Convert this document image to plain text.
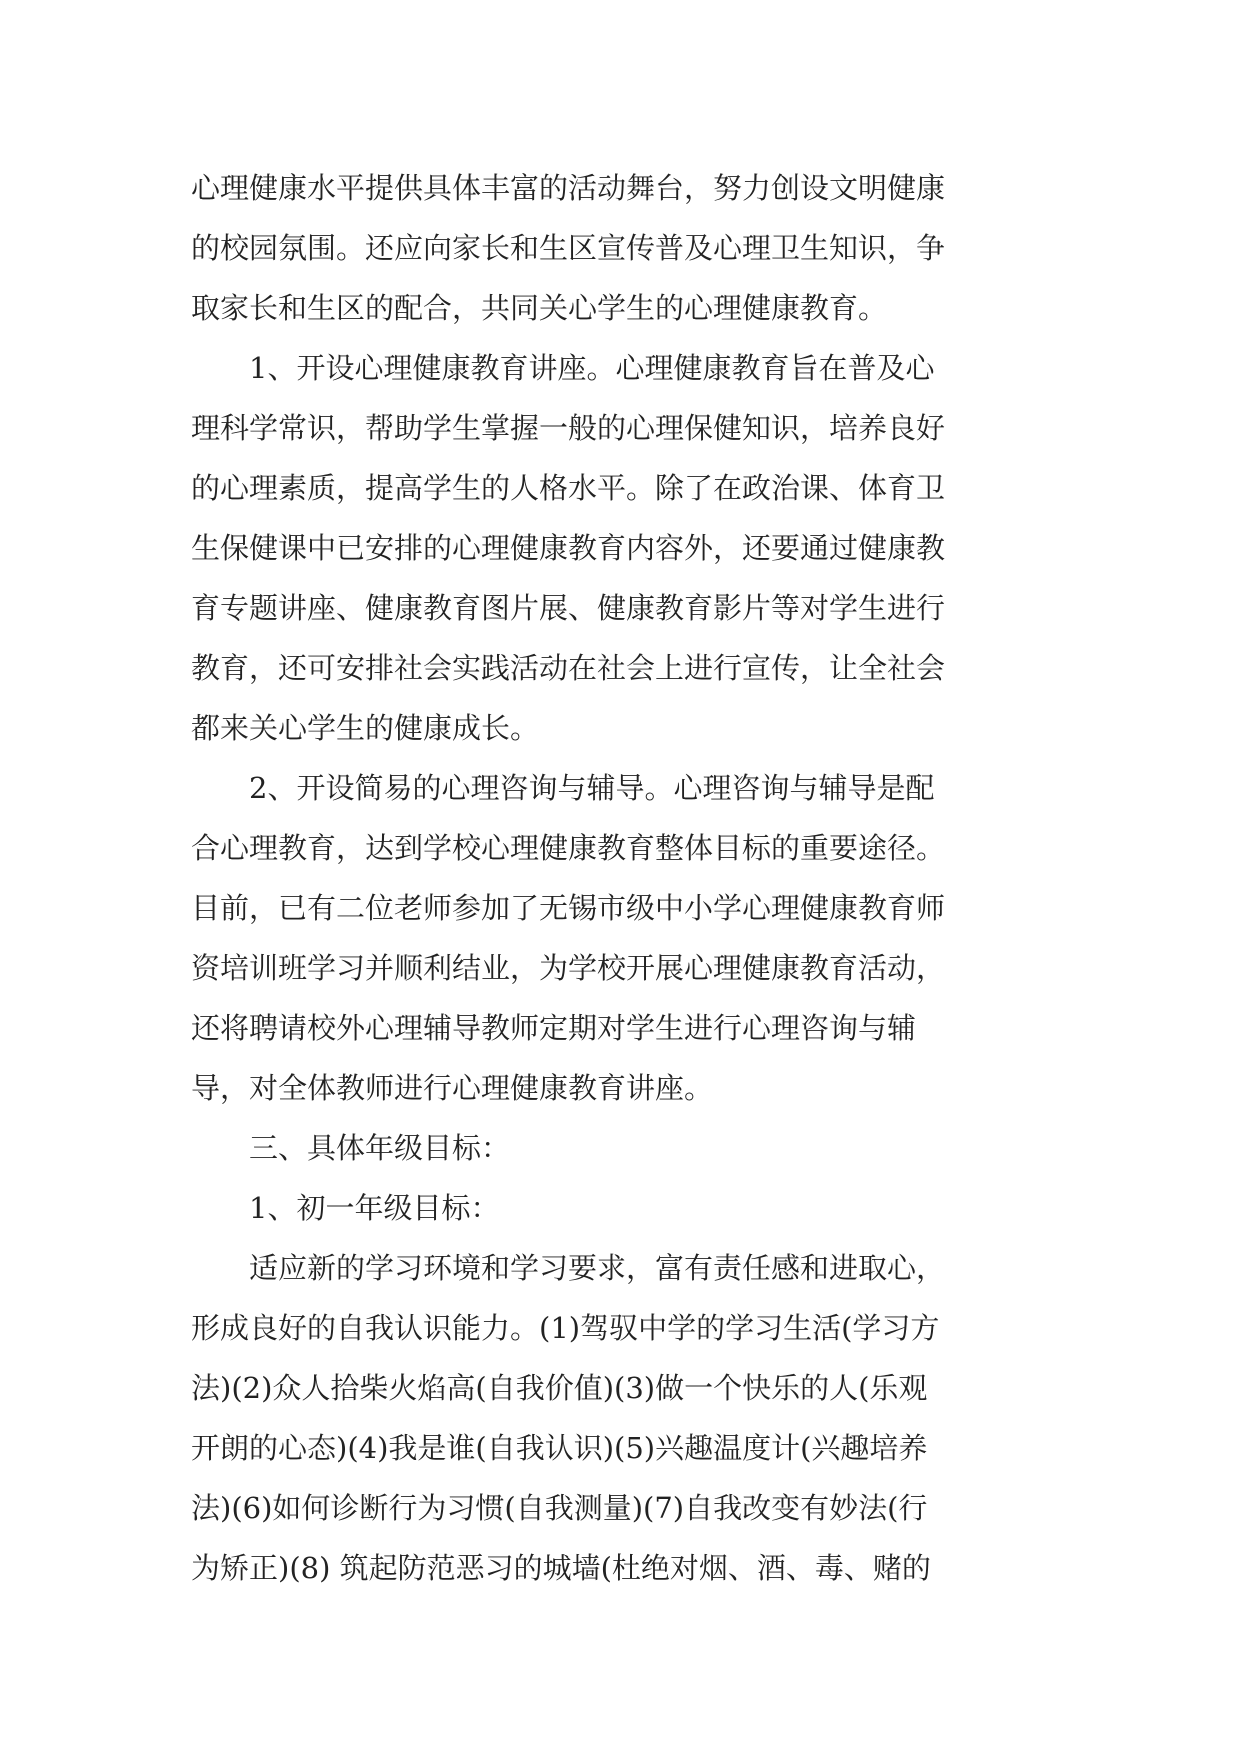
心理健康水平提供具体丰富的活动舞台，努力创设文明健康
的校园氛围。还应向家长和生区宣传普及心理卫生知识，争
取家长和生区的配合，共同关心学生的心理健康教育。
1、开设心理健康教育讲座。心理健康教育旨在普及心
理科学常识，帮助学生掌握一般的心理保健知识，培养良好
的心理素质，提高学生的人格水平。除了在政治课、体育卫
生保健课中已安排的心理健康教育内容外，还要通过健康教
育专题讲座、健康教育图片展、健康教育影片等对学生进行
教育，还可安排社会实践活动在社会上进行宣传，让全社会
都来关心学生的健康成长。
2、开设简易的心理咨询与辅导。心理咨询与辅导是配
合心理教育，达到学校心理健康教育整体目标的重要途径。
目前，已有二位老师参加了无锡市级中小学心理健康教育师
资培训班学习并顺利结业，为学校开展心理健康教育活动，
还将聘请校外心理辅导教师定期对学生进行心理咨询与辅
导，对全体教师进行心理健康教育讲座。
三、具体年级目标：
1、初一年级目标：
适应新的学习环境和学习要求，富有责任感和进取心，
形成良好的自我认识能力。(1)驾驭中学的学习生活(学习方
法)(2)众人拾柴火焰高(自我价值)(3)做一个快乐的人(乐观
开朗的心态)(4)我是谁(自我认识)(5)兴趣温度计(兴趣培养
法)(6)如何诊断行为习惯(自我测量)(7)自我改变有妙法(行
为矫正)(8) 筑起防范恶习的城墙(杜绝对烟、酒、毒、赌的
